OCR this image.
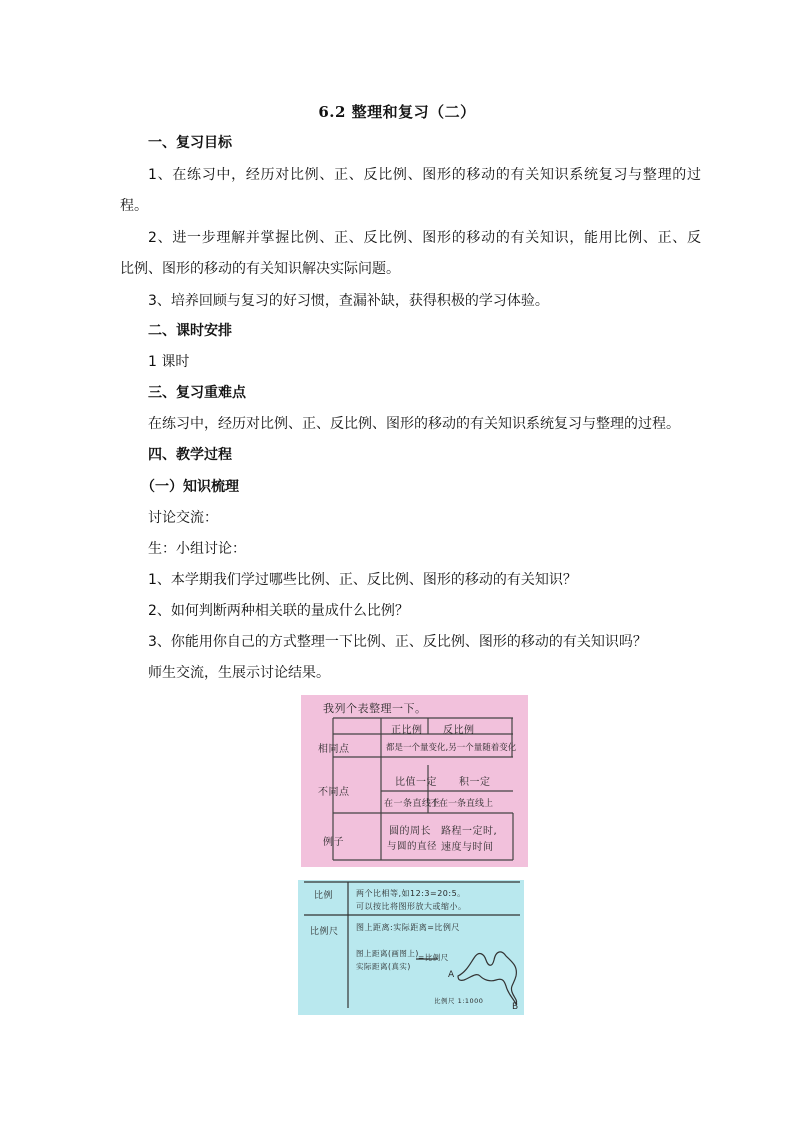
6.2 整理和复习（二）
一、复习目标
1、在练习中，经历对比例、正、反比例、图形的移动的有关知识系统复习与整理的过
程。
2、进一步理解并掌握比例、正、反比例、图形的移动的有关知识，能用比例、正、反
比例、图形的移动的有关知识解决实际问题。
3、培养回顾与复习的好习惯，查漏补缺，获得积极的学习体验。
二、课时安排
1 课时
三、复习重难点
在练习中，经历对比例、正、反比例、图形的移动的有关知识系统复习与整理的过程。
四、教学过程
（一）知识梳理
讨论交流：
生：小组讨论：
1、本学期我们学过哪些比例、正、反比例、图形的移动的有关知识？
2、如何判断两种相关联的量成什么比例？
3、你能用你自己的方式整理一下比例、正、反比例、图形的移动的有关知识吗？
师生交流，生展示讨论结果。
我列个表整理一下。
正比例 反比例
相同点	都是一个量变化,另一个量随着变化
不同点
比值一定 积一定
在一条直线上
不在一条直线上
例子
圆的周长
与圆的直径
路程一定时,
速度与时间
比例	两个比相等,如12:3=20:5。
可以按比将图形放大或缩小。
比例尺 图上距离:实际距离=比例尺
图上距离(画图上)
实际距离(真实)
=比例尺
A
B
比例尺 1:1000
